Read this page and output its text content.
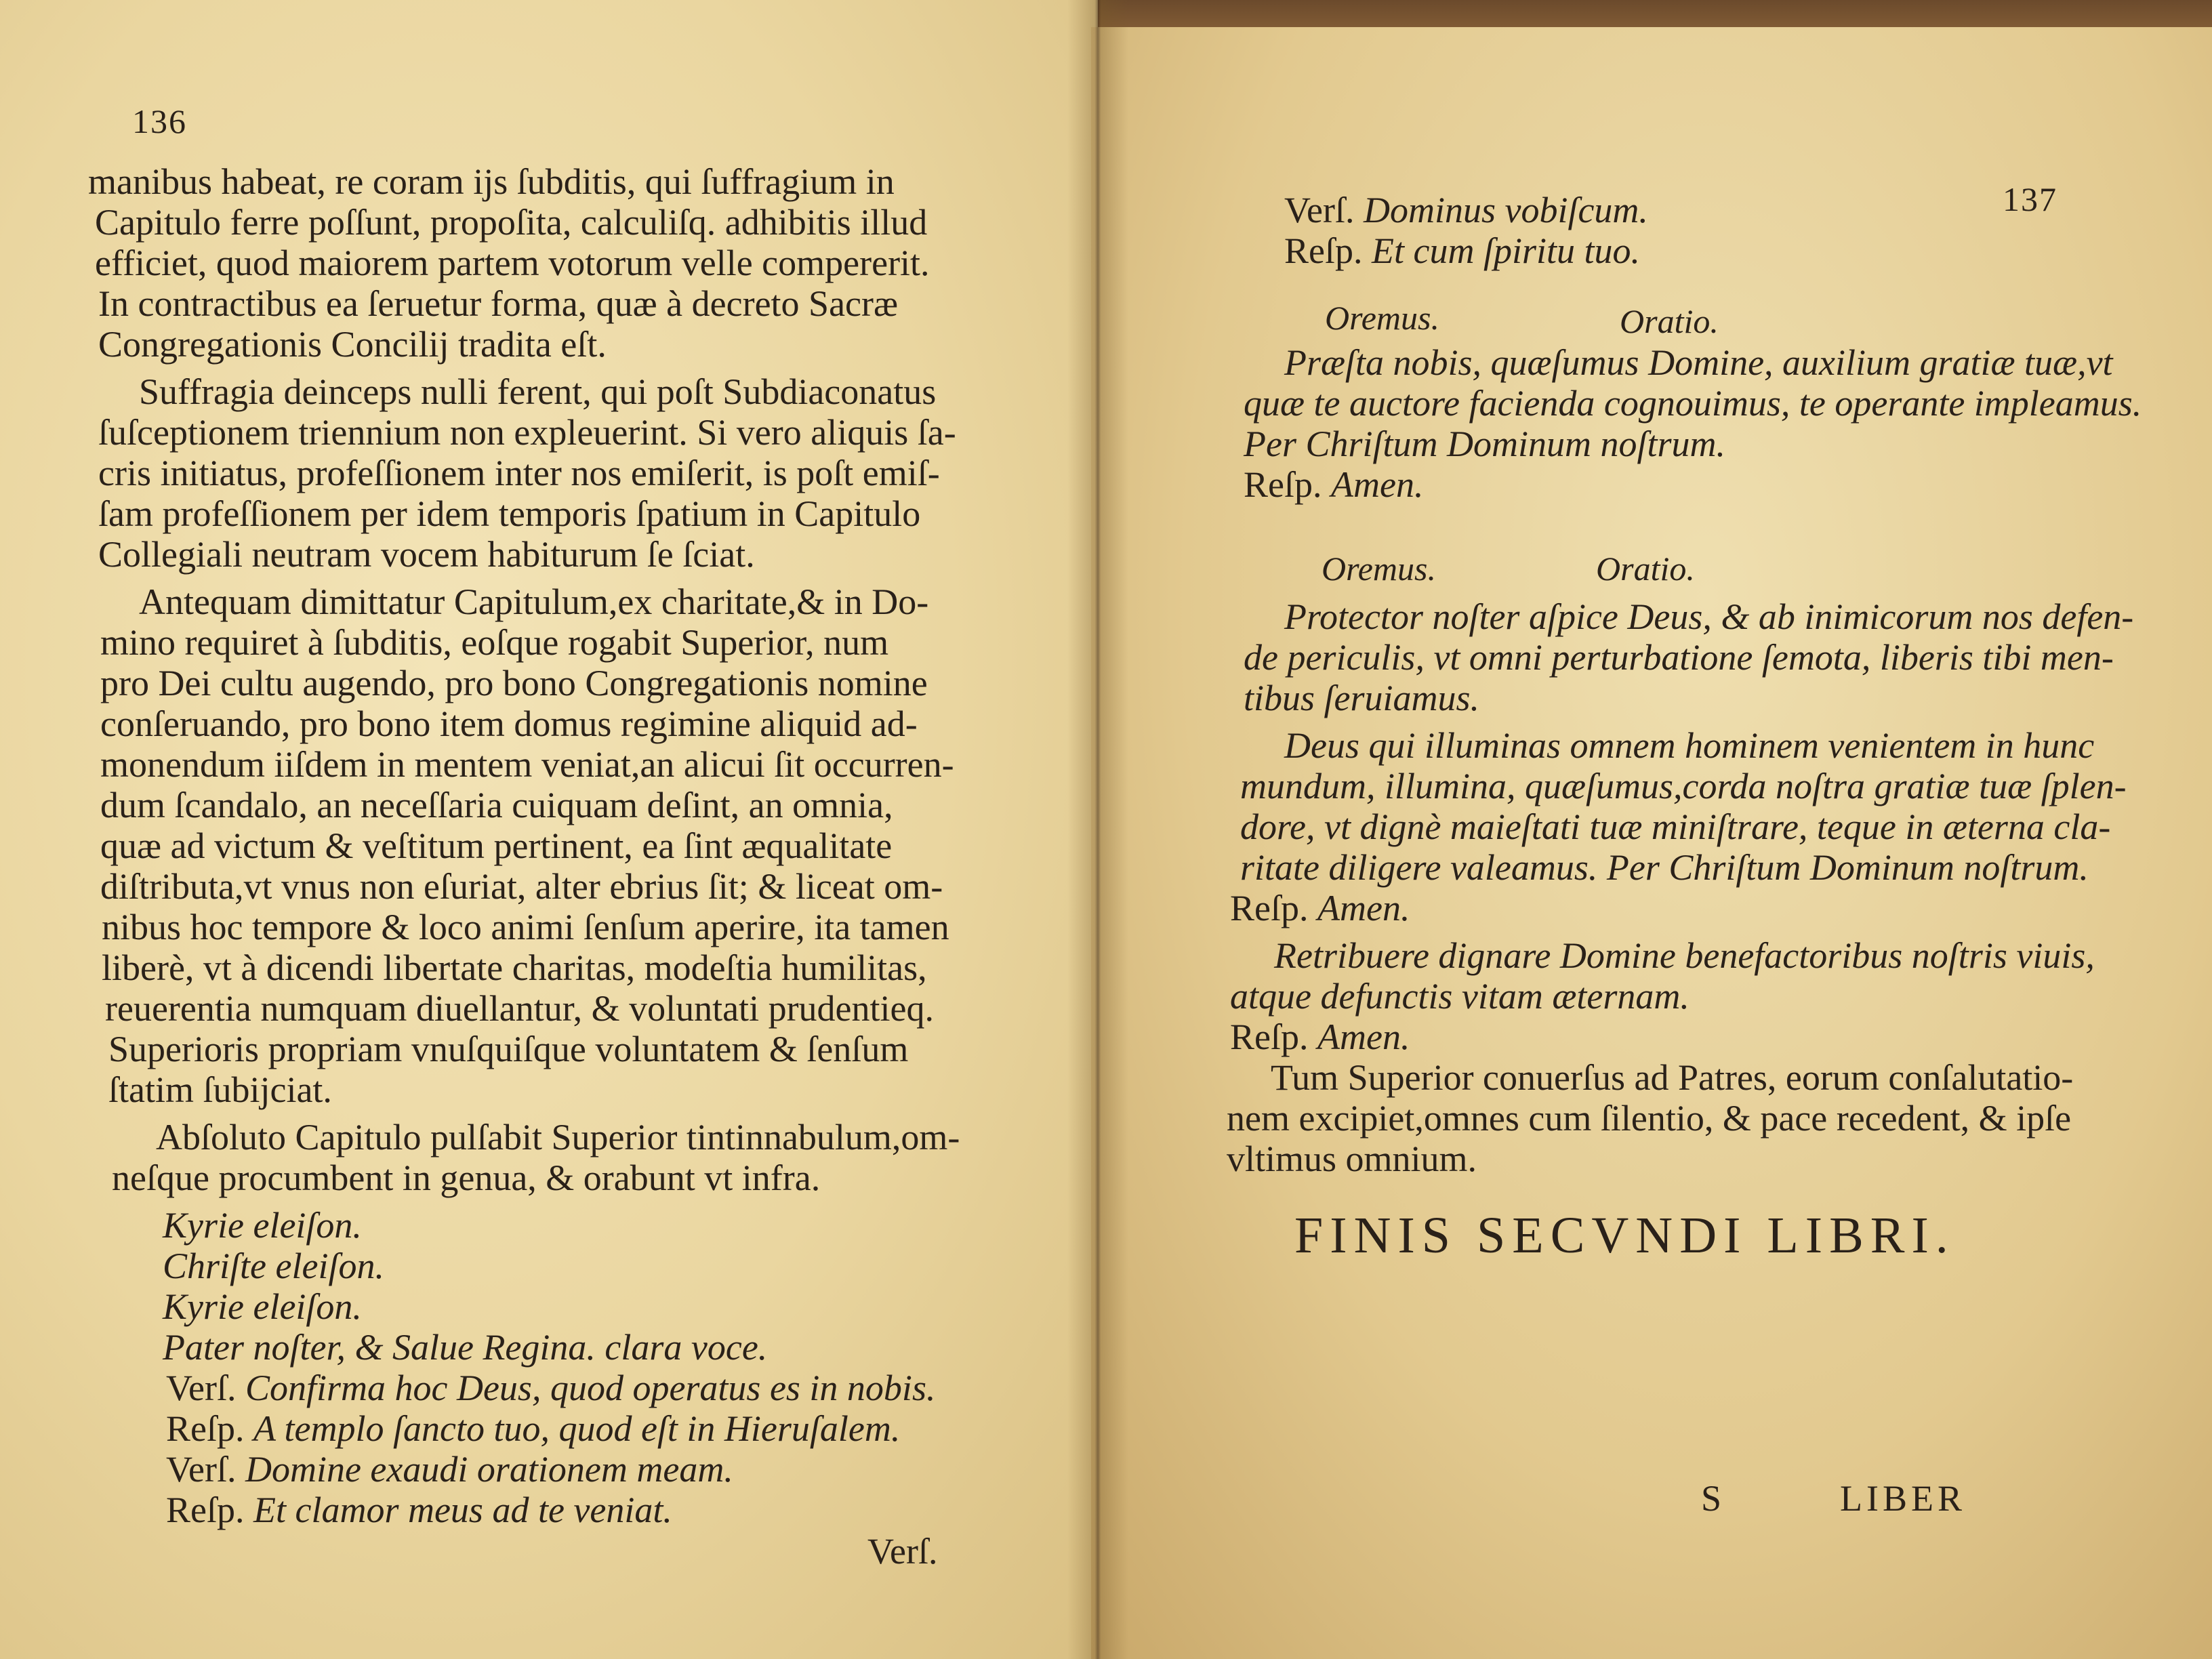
136
manibus habeat, re coram ijs ſubditis, qui ſuffragium in
Capitulo ferre poſſunt, propoſita, calculiſq. adhibitis illud
efficiet, quod maiorem partem votorum velle compererit.
In contractibus ea ſeruetur forma, quæ à decreto Sacræ
Congregationis Concilij tradita eſt.
Suffragia deinceps nulli ferent, qui poſt Subdiaconatus
ſuſceptionem triennium non expleuerint. Si vero aliquis ſa-
cris initiatus, profeſſionem inter nos emiſerit, is poſt emiſ-
ſam profeſſionem per idem temporis ſpatium in Capitulo
Collegiali neutram vocem habiturum ſe ſciat.
Antequam dimittatur Capitulum,ex charitate,& in Do-
mino requiret à ſubditis, eoſque rogabit Superior, num
pro Dei cultu augendo, pro bono Congregationis nomine
conſeruando, pro bono item domus regimine aliquid ad-
monendum iiſdem in mentem veniat,an alicui ſit occurren-
dum ſcandalo, an neceſſaria cuiquam deſint, an omnia,
quæ ad victum & veſtitum pertinent, ea ſint æqualitate
diſtributa,vt vnus non eſuriat, alter ebrius ſit; & liceat om-
nibus hoc tempore & loco animi ſenſum aperire, ita tamen
liberè, vt à dicendi libertate charitas, modeſtia humilitas,
reuerentia numquam diuellantur, & voluntati prudentieq.
Superioris propriam vnuſquiſque voluntatem & ſenſum
ſtatim ſubijciat.
Abſoluto Capitulo pulſabit Superior tintinnabulum,om-
neſque procumbent in genua, & orabunt vt infra.
Kyrie eleiſon.
Chriſte eleiſon.
Kyrie eleiſon.
Pater noſter, & Salue Regina. clara voce.
Verſ. Confirma hoc Deus, quod operatus es in nobis.
Reſp. A templo ſancto tuo, quod eſt in Hieruſalem.
Verſ. Domine exaudi orationem meam.
Reſp. Et clamor meus ad te veniat.
Verſ.
137
Verſ. Dominus vobiſcum.
Reſp. Et cum ſpiritu tuo.
Oremus.	Oratio.
Præſta nobis, quæſumus Domine, auxilium gratiæ tuæ,vt
quæ te auctore facienda cognouimus, te operante impleamus.
Per Chriſtum Dominum noſtrum.
Reſp. Amen.
Oremus.	Oratio.
Protector noſter aſpice Deus, & ab inimicorum nos defen-
de periculis, vt omni perturbatione ſemota, liberis tibi men-
tibus ſeruiamus.
Deus qui illuminas omnem hominem venientem in hunc
mundum, illumina, quæſumus,corda noſtra gratiæ tuæ ſplen-
dore, vt dignè maieſtati tuæ miniſtrare, teque in æterna cla-
ritate diligere valeamus. Per Chriſtum Dominum noſtrum.
Reſp. Amen.
Retribuere dignare Domine benefactoribus noſtris viuis,
atque defunctis vitam æternam.
Reſp. Amen.
Tum Superior conuerſus ad Patres, eorum conſalutatio-
nem excipiet,omnes cum ſilentio, & pace recedent, & ipſe
vltimus omnium.
FINIS SECVNDI LIBRI.
S	LIBER
